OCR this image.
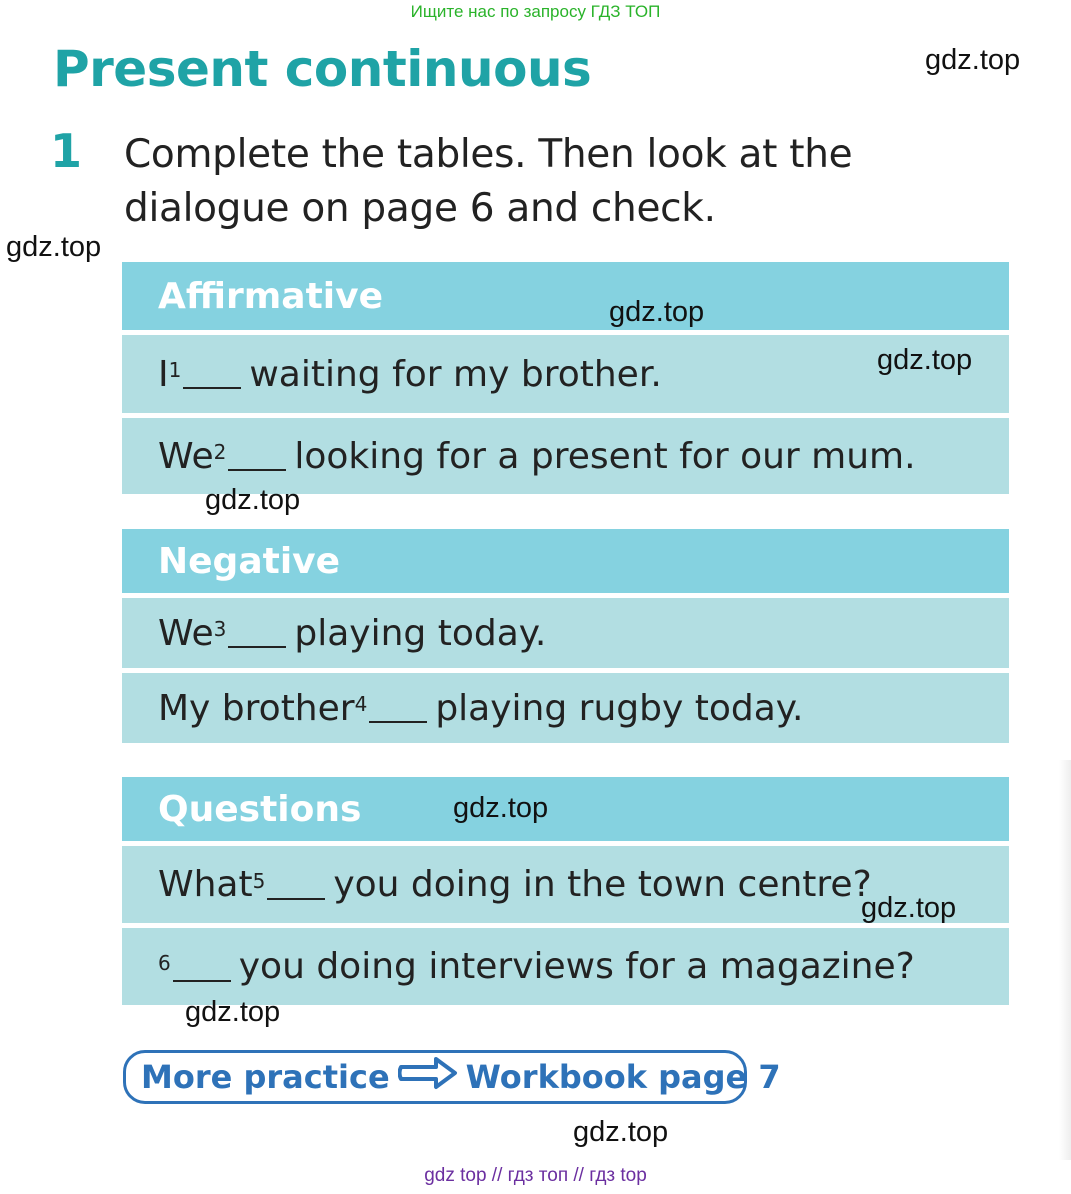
Ищите нас по запросу ГДЗ ТОП
Present continuous
1 Complete the tables. Then look at the dialogue on page 6 and check.
Affirmative
I $^1$ waiting for my brother.
We $^2$ looking for a present for our mum.
Negative
We $^3$ playing today.
My brother $^4$ playing rugby today.
Questions
What $^5$ you doing in the town centre?
$^6$ you doing interviews for a magazine?
More practice Workbook page 7
gdz.top
gdz.top
gdz.top
gdz.top
gdz.top
gdz.top
gdz.top
gdz.top
gdz.top
gdz top // гдз топ // гдз top
